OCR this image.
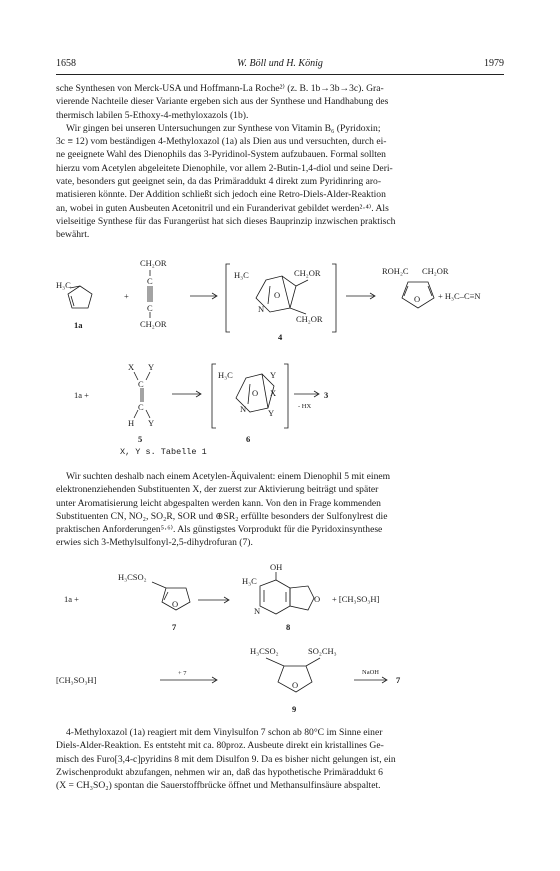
1658	W. Böll und H. König	1979
sche Synthesen von Merck-USA und Hoffmann-La Roche²⁾ (z. B. 1b→3b→3c). Gra-
vierende Nachteile dieser Variante ergeben sich aus der Synthese und Handhabung des
thermisch labilen 5-Ethoxy-4-methyloxazols (1b).
Wir gingen bei unseren Untersuchungen zur Synthese von Vitamin B₆ (Pyridoxin;
3c ≡ 12) vom beständigen 4-Methyloxazol (1a) als Dien aus und versuchten, durch ei-
ne geeignete Wahl des Dienophils das 3-Pyridinol-System aufzubauen. Formal sollten
hierzu vom Acetylen abgeleitete Dienophile, vor allem 2-Butin-1,4-diol und seine Deri-
vate, besonders gut geeignet sein, da das Primäraddukt 4 direkt zum Pyridinring aro-
matisieren könnte. Der Addition schließt sich jedoch eine Retro-Diels-Alder-Reaktion
an, wobei in guten Ausbeuten Acetonitril und ein Furanderivat gebildet werden²·⁴⁾. Als
vielseitige Synthese für das Furangerüst hat sich dieses Bauprinzip inzwischen praktisch
bewährt.
H₃C
CH₂OR
C
C
CH₂OR
+
1a
H₃C	CH₂OR
O
N
CH₂OR
4
ROH₂C CH₂OR
O + H₃C–C≡N
1a +
X Y
C
C
H Y
5
H₃C	Y
X
O
N	Y
6
3
- HX
X, Y s. Tabelle 1
Wir suchten deshalb nach einem Acetylen-Äquivalent: einem Dienophil 5 mit einem
elektronenziehenden Substituenten X, der zuerst zur Aktivierung beiträgt und später
unter Aromatisierung leicht abgespalten werden kann. Von den in Frage kommenden
Substituenten CN, NO₂, SO₂R, SOR und ⊕SR₂ erfüllte besonders der Sulfonylrest die
praktischen Anforderungen⁵·⁶⁾. Als günstigstes Vorprodukt für die Pyridoxinsynthese
erwies sich 3-Methylsulfonyl-2,5-dihydrofuran (7).
1a +
H₃CSO₂
O
7
OH
H₃C
N
O
8
+ [CH₃SO₃H]
[CH₃SO₃H]
+ 7
H₃CSO₂	SO₂CH₃
O
9
NaOH
7
4-Methyloxazol (1a) reagiert mit dem Vinylsulfon 7 schon ab 80°C im Sinne einer
Diels-Alder-Reaktion. Es entsteht mit ca. 80proz. Ausbeute direkt ein kristallines Ge-
misch des Furo[3,4-c]pyridins 8 mit dem Disulfon 9. Da es bisher nicht gelungen ist, ein
Zwischenprodukt abzufangen, nehmen wir an, daß das hypothetische Primäraddukt 6
(X = CH₃SO₂) spontan die Sauerstoffbrücke öffnet und Methansulfinsäure abspaltet.
